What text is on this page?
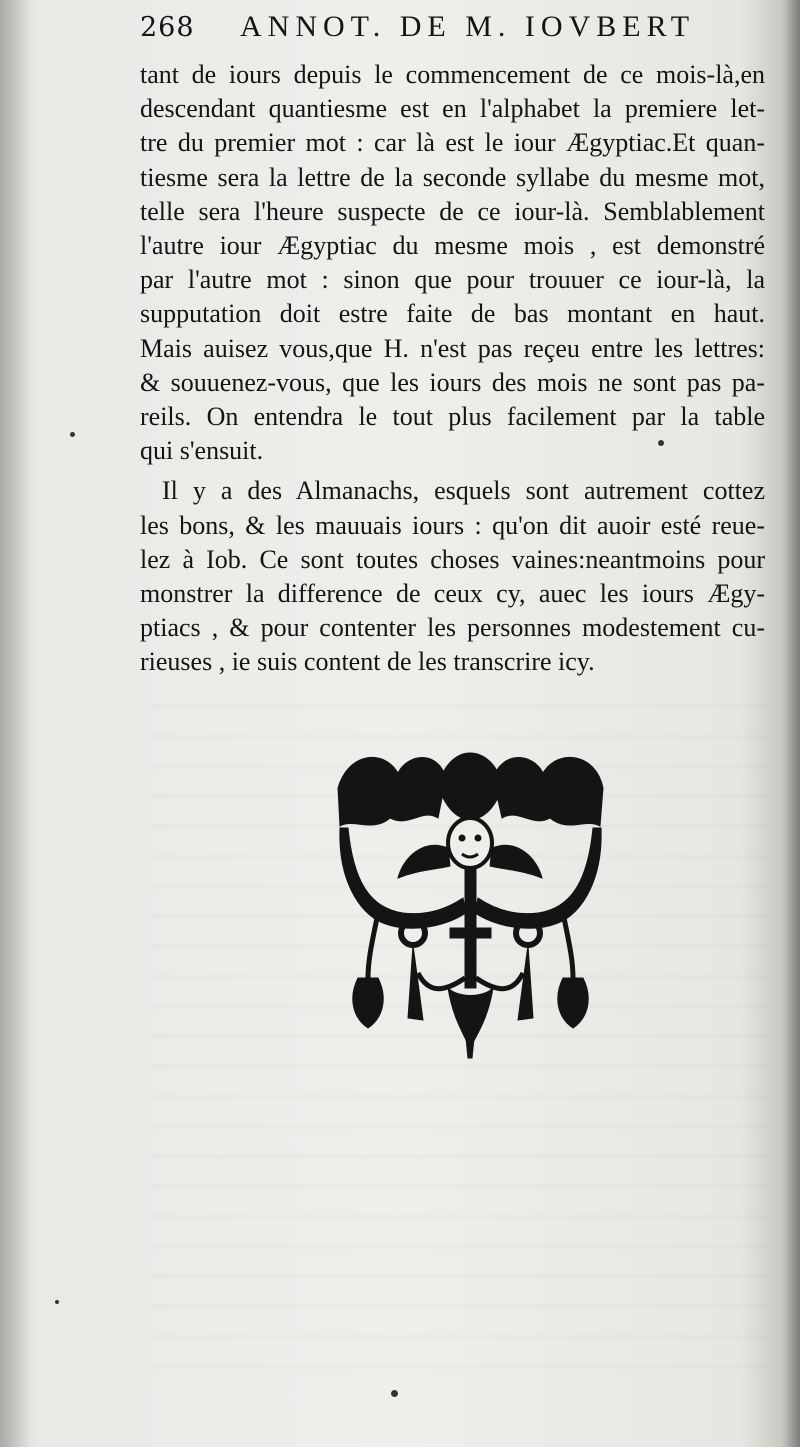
268	ANNOT. DE M. IOVBERT
tant de iours depuis le commencement de ce mois-là,en
descendant quantiesme est en l'alphabet la premiere let-
tre du premier mot : car là est le iour Ægyptiac.Et quan-
tiesme sera la lettre de la seconde syllabe du mesme mot,
telle sera l'heure suspecte de ce iour-là. Semblablement
l'autre iour Ægyptiac du mesme mois , est demonstré
par l'autre mot : sinon que pour trouuer ce iour-là, la
supputation doit estre faite de bas montant en haut.
Mais auisez vous,que H. n'est pas reçeu entre les lettres:
& souuenez-vous, que les iours des mois ne sont pas pa-
reils. On entendra le tout plus facilement par la table
qui s'ensuit.
Il y a des Almanachs, esquels sont autrement cottez
les bons, & les mauuais iours : qu'on dit auoir esté reue-
lez à Iob. Ce sont toutes choses vaines:neantmoins pour
monstrer la difference de ceux cy, auec les iours Ægy-
ptiacs , & pour contenter les personnes modestement cu-
rieuses , ie suis content de les transcrire icy.
